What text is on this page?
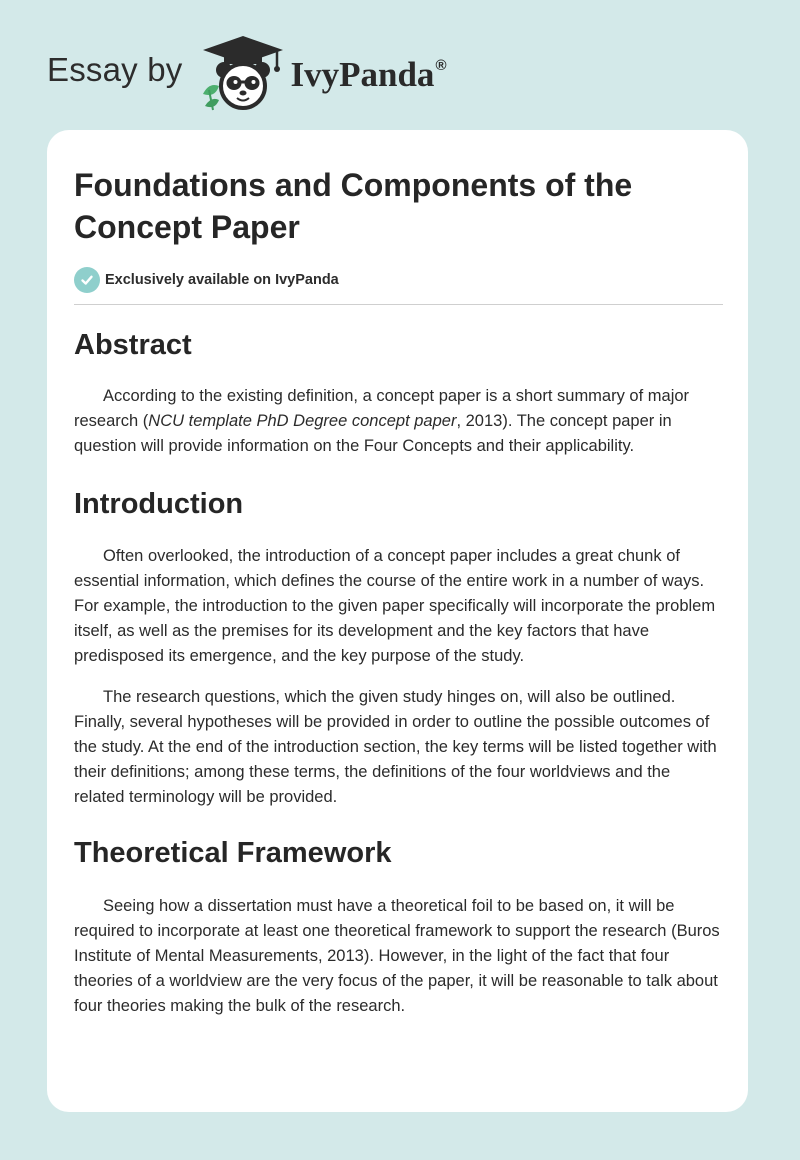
Essay by	IvyPanda®
Foundations and Components of the Concept Paper
Exclusively available on IvyPanda
Abstract

According to the existing definition, a concept paper is a short summary of major research (NCU template PhD Degree concept paper, 2013). The concept paper in question will provide information on the Four Concepts and their applicability.

Introduction

Often overlooked, the introduction of a concept paper includes a great chunk of essential information, which defines the course of the entire work in a number of ways. For example, the introduction to the given paper specifically will incorporate the problem itself, as well as the premises for its development and the key factors that have predisposed its emergence, and the key purpose of the study.

The research questions, which the given study hinges on, will also be outlined. Finally, several hypotheses will be provided in order to outline the possible outcomes of the study. At the end of the introduction section, the key terms will be listed together with their definitions; among these terms, the definitions of the four worldviews and the related terminology will be provided.

Theoretical Framework

Seeing how a dissertation must have a theoretical foil to be based on, it will be required to incorporate at least one theoretical framework to support the research (Buros Institute of Mental Measurements, 2013). However, in the light of the fact that four theories of a worldview are the very focus of the paper, it will be reasonable to talk about four theories making the bulk of the research.
